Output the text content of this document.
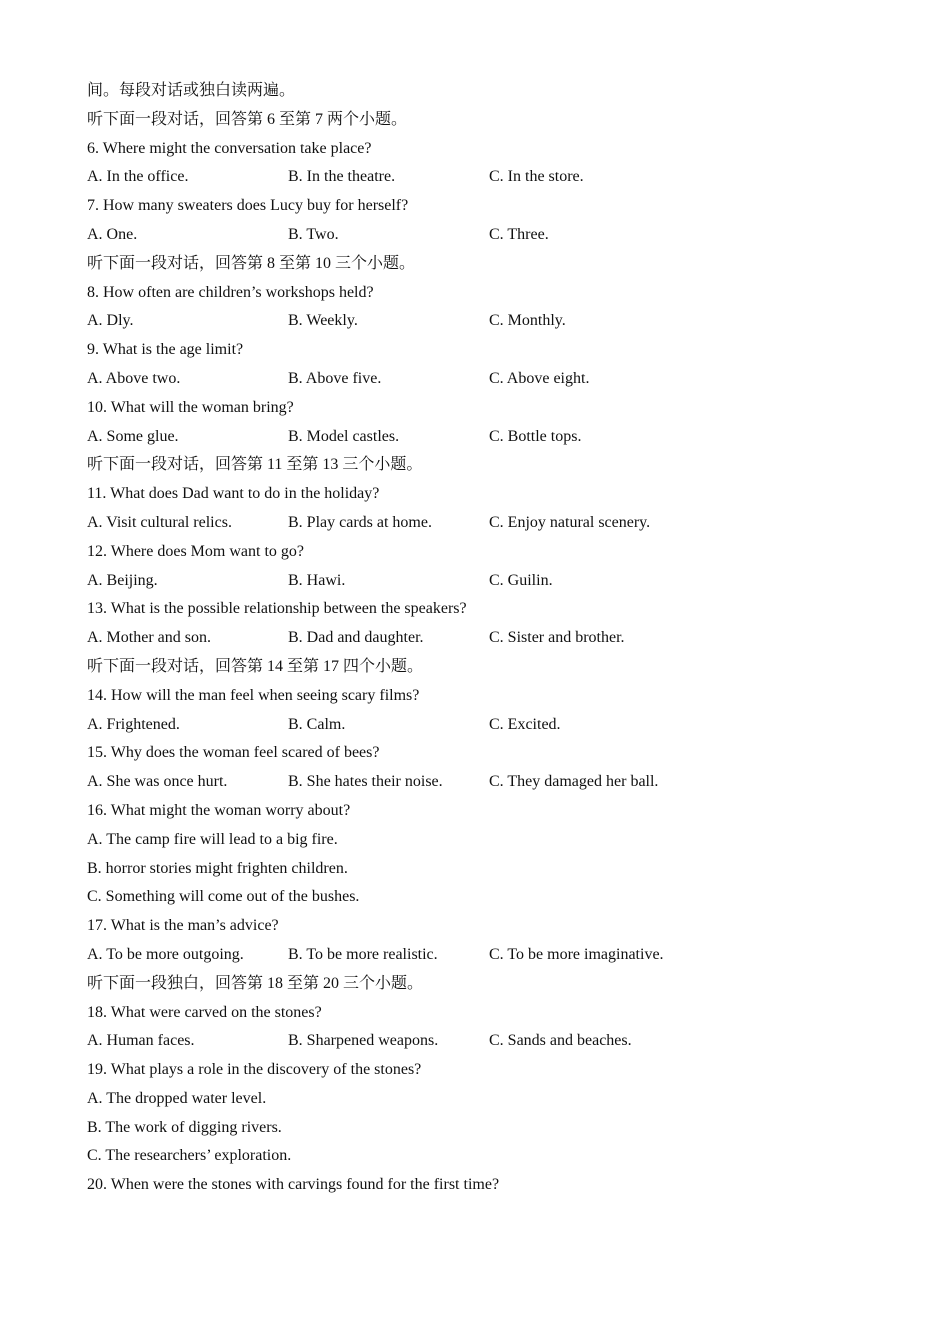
间。每段对话或独白读两遍。
听下面一段对话，回答第 6 至第 7 两个小题。
6. Where might the conversation take place?
A. In the office.	B. In the theatre.	C. In the store.
7. How many sweaters does Lucy buy for herself?
A. One.	B. Two.	C. Three.
听下面一段对话，回答第 8 至第 10 三个小题。
8. How often are children’s workshops held?
A. Dly.	B. Weekly.	C. Monthly.
9. What is the age limit?
A. Above two.	B. Above five.	C. Above eight.
10. What will the woman bring?
A. Some glue.	B. Model castles.	C. Bottle tops.
听下面一段对话，回答第 11 至第 13 三个小题。
11. What does Dad want to do in the holiday?
A. Visit cultural relics.	B. Play cards at home.	C. Enjoy natural scenery.
12. Where does Mom want to go?
A. Beijing.	B. Hawi.	C. Guilin.
13. What is the possible relationship between the speakers?
A. Mother and son.	B. Dad and daughter.	C. Sister and brother.
听下面一段对话，回答第 14 至第 17 四个小题。
14. How will the man feel when seeing scary films?
A. Frightened.	B. Calm.	C. Excited.
15. Why does the woman feel scared of bees?
A. She was once hurt.	B. She hates their noise.	C. They damaged her ball.
16. What might the woman worry about?
A. The camp fire will lead to a big fire.
B. horror stories might frighten children.
C. Something will come out of the bushes.
17. What is the man’s advice?
A. To be more outgoing.	B. To be more realistic.	C. To be more imaginative.
听下面一段独白，回答第 18 至第 20 三个小题。
18. What were carved on the stones?
A. Human faces.	B. Sharpened weapons.	C. Sands and beaches.
19. What plays a role in the discovery of the stones?
A. The dropped water level.
B. The work of digging rivers.
C. The researchers’ exploration.
20. When were the stones with carvings found for the first time?
